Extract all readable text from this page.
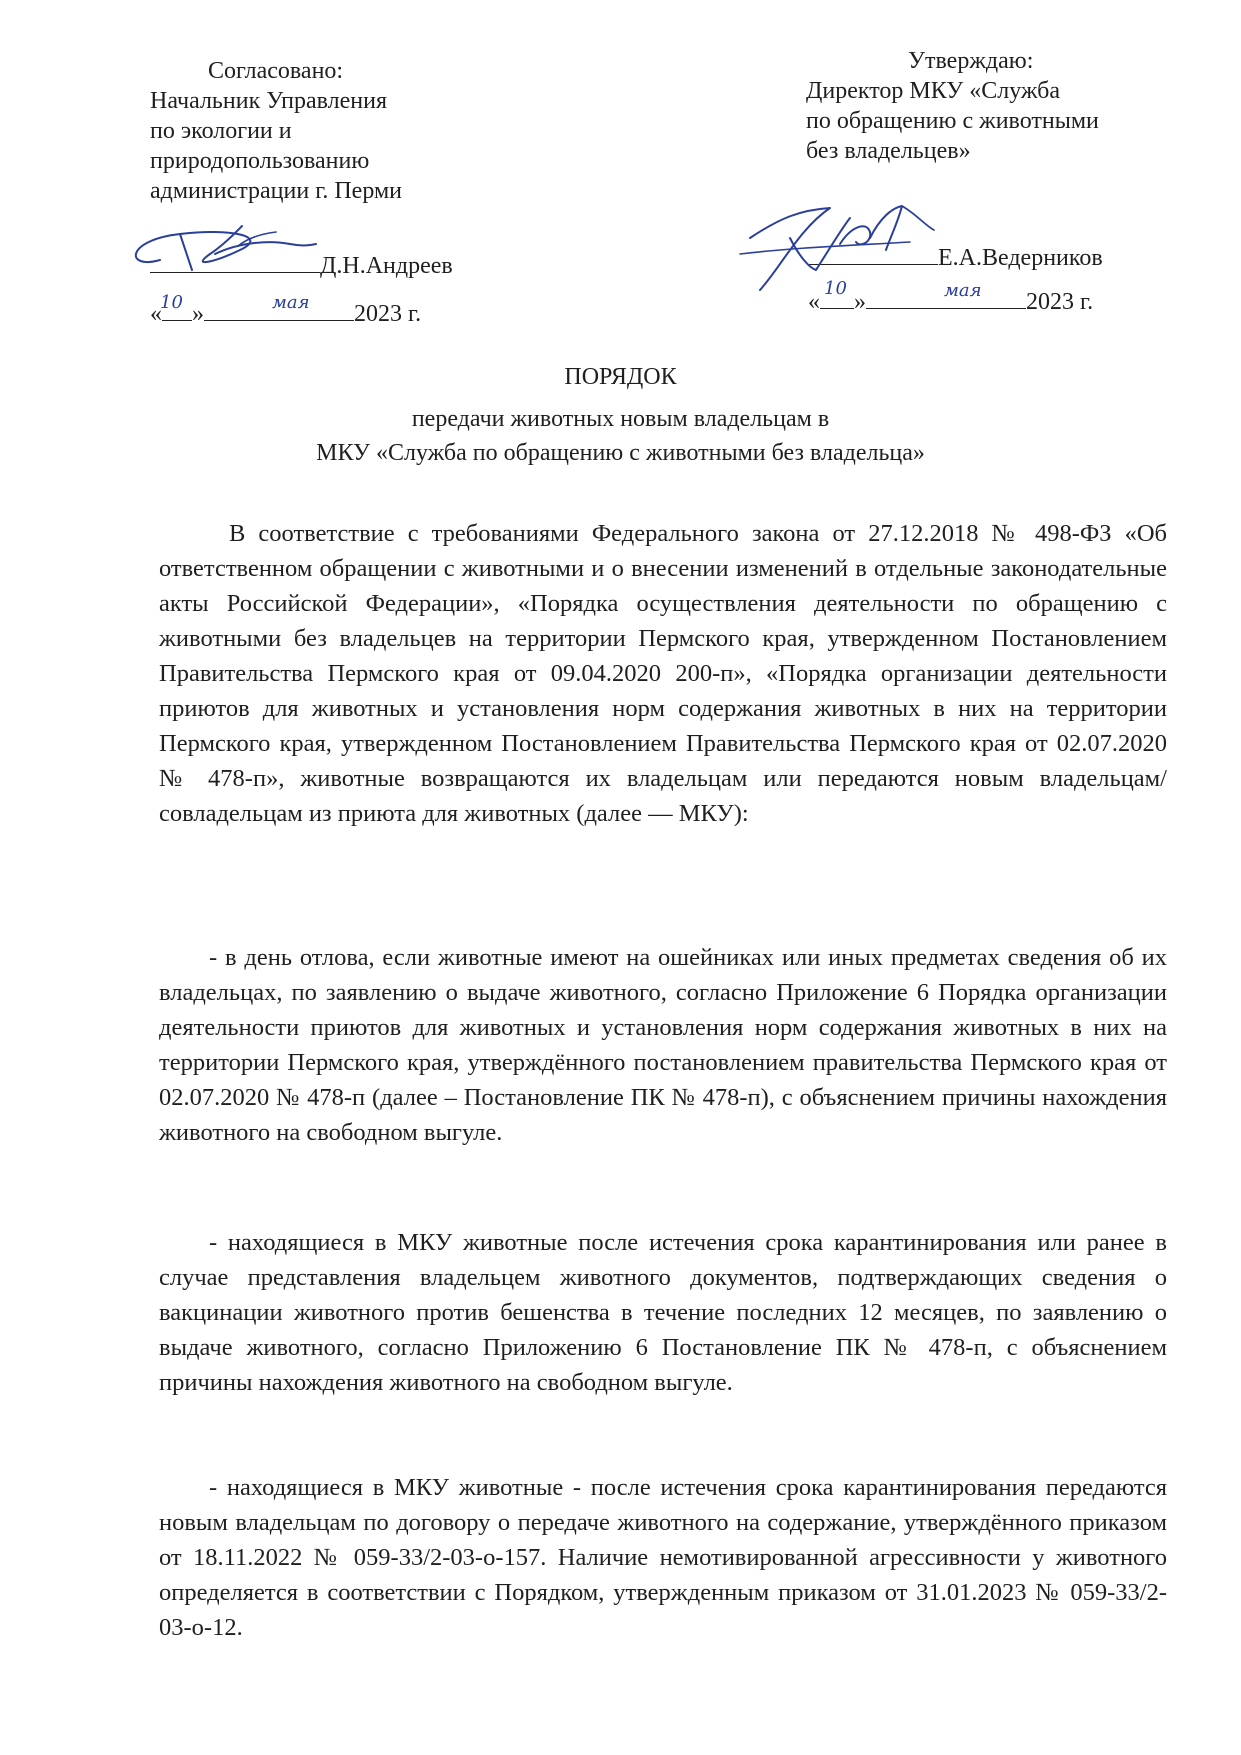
Согласовано:
Начальник Управления
по экологии и
природопользованию
администрации г. Перми
Д.Н.Андреев
« »	2023 г.
10	мая
Утверждаю:
Директор МКУ «Служба
по обращению с животными
без владельцев»
Е.А.Ведерников
« »	2023 г.
10	мая
ПОРЯДОК
передачи животных новым владельцам в
МКУ «Служба по обращению с животными без владельца»
В соответствие с требованиями Федерального закона от 27.12.2018 № 498-ФЗ «Об ответственном обращении с животными и о внесении изменений в отдельные законодательные акты Российской Федерации», «Порядка осуществления деятельности по обращению с животными без владельцев на территории Пермского края, утвержденном Постановлением Правительства Пермского края от 09.04.2020 200-п», «Порядка организации деятельности приютов для животных и установления норм содержания животных в них на территории Пермского края, утвержденном Постановлением Правительства Пермского края от 02.07.2020 № 478-п», животные возвращаются их владельцам или передаются новым владельцам/совладельцам из приюта для животных (далее — МКУ):
- в день отлова, если животные имеют на ошейниках или иных предметах сведения об их владельцах, по заявлению о выдаче животного, согласно Приложение 6 Порядка организации деятельности приютов для животных и установления норм содержания животных в них на территории Пермского края, утверждённого постановлением правительства Пермского края от 02.07.2020 № 478-п (далее – Постановление ПК № 478-п), с объяснением причины нахождения животного на свободном выгуле.
- находящиеся в МКУ животные после истечения срока карантинирования или ранее в случае представления владельцем животного документов, подтверждающих сведения о вакцинации животного против бешенства в течение последних 12 месяцев, по заявлению о выдаче животного, согласно Приложению 6 Постановление ПК № 478-п, с объяснением причины нахождения животного на свободном выгуле.
- находящиеся в МКУ животные - после истечения срока карантинирования передаются новым владельцам по договору о передаче животного на содержание, утверждённого приказом от 18.11.2022 № 059-33/2-03-о-157. Наличие немотивированной агрессивности у животного определяется в соответствии с Порядком, утвержденным приказом от 31.01.2023 № 059-33/2-03-о-12.
